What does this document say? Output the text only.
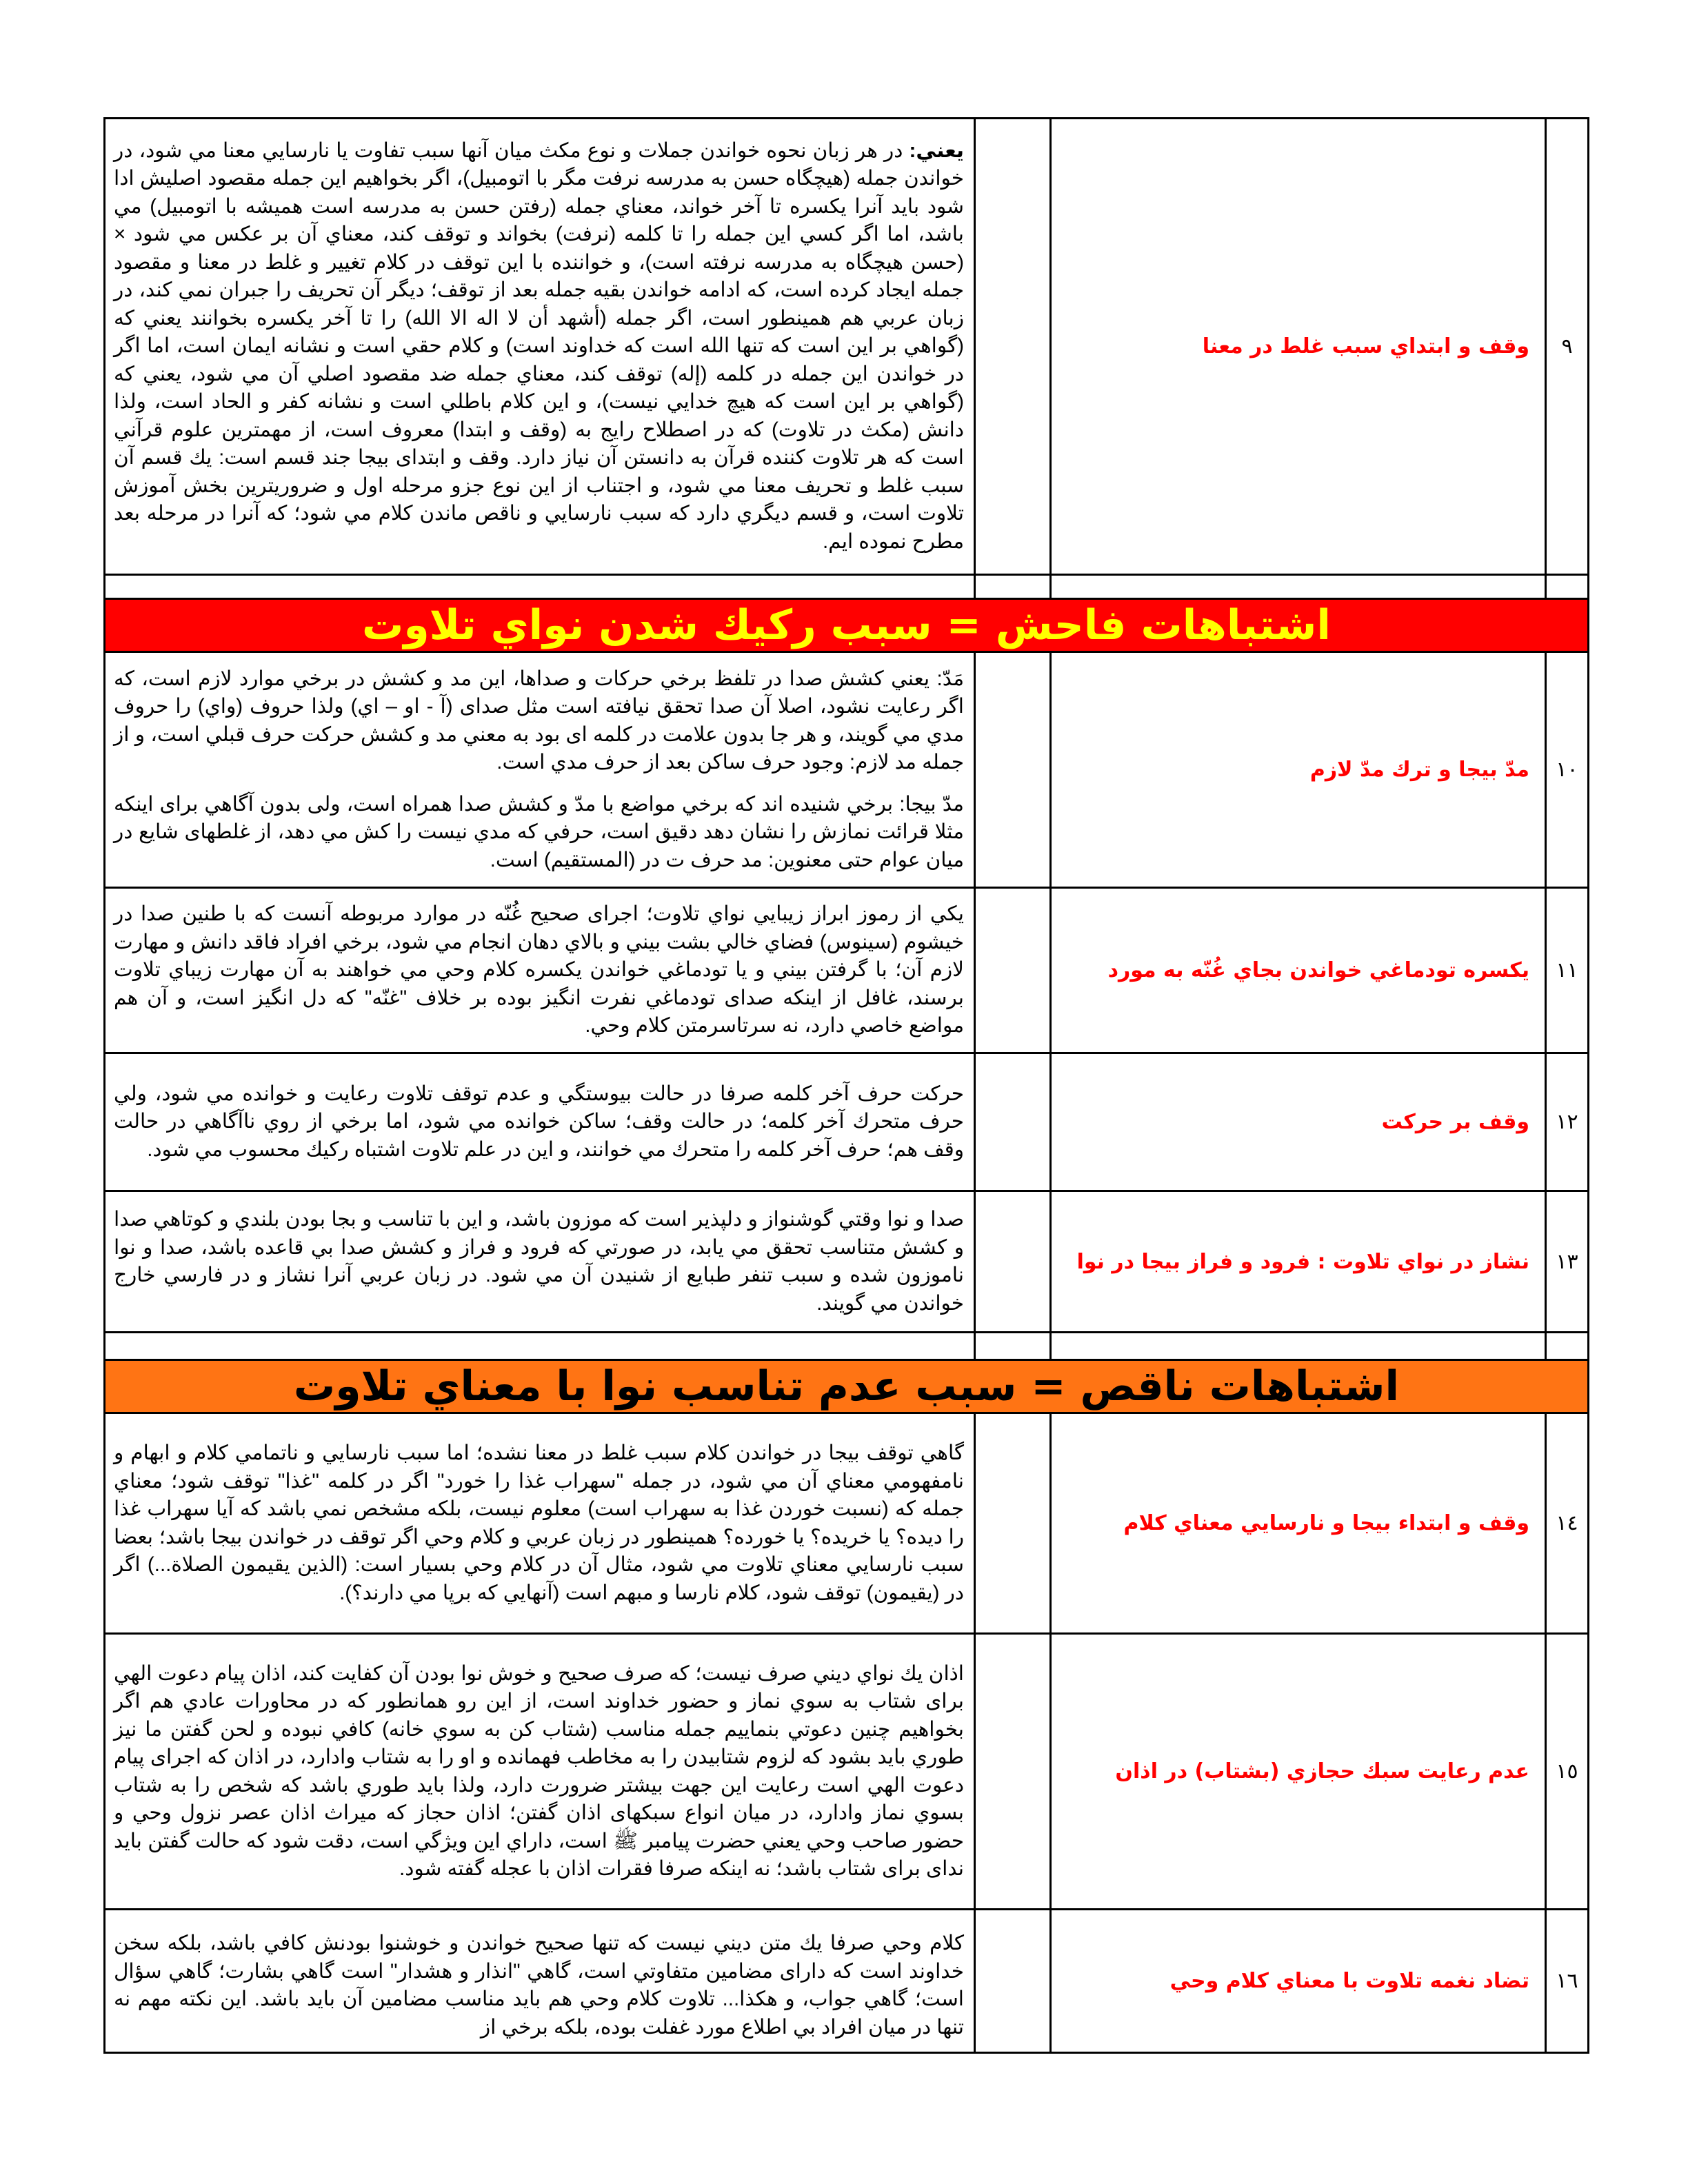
٩	وقف و ابتداي سبب غلط در معنا		يعني: در هر زبان نحوه خواندن جملات و نوع مكث ميان آنها سبب تفاوت يا نارسايي معنا مي شود، در خواندن جمله (هيچگاه حسن به مدرسه نرفت مگر با اتومبيل)، اگر بخواهيم اين جمله مقصود اصليش ادا شود بايد آنرا يكسره تا آخر خواند، معناي جمله (رفتن حسن به مدرسه است هميشه با اتومبيل) مي باشد، اما اگر كسي اين جمله را تا كلمه (نرفت) بخواند و توقف كند، معناي آن بر عكس مي شود × (حسن هيچگاه به مدرسه نرفته است)، و خواننده با اين توقف در كلام تغيير و غلط در معنا و مقصود جمله ايجاد كرده است، كه ادامه خواندن بقيه جمله بعد از توقف؛ ديگر آن تحريف را جبران نمي كند، در زبان عربي هم همينطور است، اگر جمله (أشهد أن لا اله الا الله) را تا آخر يكسره بخوانند يعني كه (گواهي بر اين است كه تنها الله است كه خداوند است) و كلام حقي است و نشانه ايمان است، اما اگر در خواندن اين جمله در كلمه (إله) توقف كند، معناي جمله ضد مقصود اصلي آن مي شود، يعني كه (گواهي بر اين است كه هيچ خدايي نيست)، و اين كلام باطلي است و نشانه كفر و الحاد است، ولذا دانش (مكث در تلاوت) كه در اصطلاح رايج به (وقف و ابتدا) معروف است، از مهمترين علوم قرآني است كه هر تلاوت كننده قرآن به دانستن آن نياز دارد. وقف و ابتداى بيجا جند قسم است: يك قسم آن سبب غلط و تحريف معنا مي شود، و اجتناب از اين نوع جزو مرحله اول و ضروريترين بخش آموزش تلاوت است، و قسم ديگري دارد كه سبب نارسايي و ناقص ماندن كلام مي شود؛ كه آنرا در مرحله بعد مطرح نموده ايم.

اشتباهات فاحش = سبب ركيك شدن نواي تلاوت			
١٠	مدّ بيجا و ترك مدّ لازم		مَدّ: يعني كشش صدا در تلفظ برخي حركات و صداها، اين مد و كشش در برخي موارد لازم است، كه اگر رعايت نشود، اصلا آن صدا تحقق نيافته است مثل صداى (آ - او – اي) ولذا حروف (واي) را حروف مدي مي گويند، و هر جا بدون علامت در كلمه اى بود به معني مد و كشش حركت حرف قبلي است، و از جمله مد لازم: وجود حرف ساكن بعد از حرف مدي است.

مدّ بيجا: برخي شنيده اند كه برخي مواضع با مدّ و كشش صدا همراه است، ولى بدون آگاهي براى اينكه مثلا قرائت نمازش را نشان دهد دقيق است، حرفي كه مدي نيست را كش مي دهد، از غلطهاى شايع در ميان عوام حتى معنوين: مد حرف ت در (المستقيم) است.

١١	يكسره تودماغي خواندن بجاي غُنّه به مورد		يكي از رموز ابراز زيبايي نواي تلاوت؛ اجراى صحيح غُنّه در موارد مربوطه آنست كه با طنين صدا در خيشوم (سينوس) فضاي خالي بشت بيني و بالاي دهان انجام مي شود، برخي افراد فاقد دانش و مهارت لازم آن؛ با گرفتن بيني و يا تودماغي خواندن يكسره كلام وحي مي خواهند به آن مهارت زيباي تلاوت برسند، غافل از اينكه صداى تودماغي نفرت انگيز بوده بر خلاف "غنّه" كه دل انگيز است، و آن هم مواضع خاصي دارد، نه سرتاسرمتن كلام وحي.

١٢	وقف بر حركت		حركت حرف آخر كلمه صرفا در حالت بيوستگي و عدم توقف تلاوت رعايت و خوانده مي شود، ولي حرف متحرك آخر كلمه؛ در حالت وقف؛ ساكن خوانده مي شود، اما برخي از روي ناآگاهي در حالت وقف هم؛ حرف آخر كلمه را متحرك مي خوانند، و اين در علم تلاوت اشتباه ركيك محسوب مي شود.

١٣	نشاز در نواي تلاوت : فرود و فراز بيجا در نوا		صدا و نوا وقتي گوشنواز و دلپذير است كه موزون باشد، و اين با تناسب و بجا بودن بلندي و كوتاهي صدا و كشش متناسب تحقق مي يابد، در صورتي كه فرود و فراز و كشش صدا بي قاعده باشد، صدا و نوا ناموزون شده و سبب تنفر طبايع از شنيدن آن مي شود. در زبان عربي آنرا نشاز و در فارسي خارج خواندن مي گويند.

اشتباهات ناقص = سبب عدم تناسب نوا با معناي تلاوت			
١٤	وقف و ابتداء بيجا و نارسايي معناي كلام		گاهي توقف بيجا در خواندن كلام سبب غلط در معنا نشده؛ اما سبب نارسايي و ناتمامي كلام و ابهام و نامفهومي معناي آن مي شود، در جمله "سهراب غذا را خورد" اگر در كلمه "غذا" توقف شود؛ معناي جمله كه (نسبت خوردن غذا به سهراب است) معلوم نيست، بلكه مشخص نمي باشد كه آيا سهراب غذا را ديده؟ يا خريده؟ يا خورده؟ همينطور در زبان عربي و كلام وحي اگر توقف در خواندن بيجا باشد؛ بعضا سبب نارسايي معناي تلاوت مي شود، مثال آن در كلام وحي بسيار است: (الذين يقيمون الصلاة...) اگر در (يقيمون) توقف شود، كلام نارسا و مبهم است (آنهايي كه برپا مي دارند؟).

١٥	عدم رعايت سبك حجازي (بشتاب) در اذان		اذان يك نواي ديني صرف نيست؛ كه صرف صحيح و خوش نوا بودن آن كفايت كند، اذان پيام دعوت الهي براى شتاب به سوي نماز و حضور خداوند است، از اين رو همانطور كه در محاورات عادي هم اگر بخواهيم چنين دعوتي بنماييم جمله مناسب (شتاب كن به سوي خانه) كافي نبوده و لحن گفتن ما نيز طوري بايد بشود كه لزوم شتابيدن را به مخاطب فهمانده و او را به شتاب وادارد، در اذان كه اجراى پيام دعوت الهي است رعايت اين جهت بيشتر ضرورت دارد، ولذا بايد طوري باشد كه شخص را به شتاب بسوي نماز وادارد، در ميان انواع سبكهاى اذان گفتن؛ اذان حجاز كه ميراث اذان عصر نزول وحي و حضور صاحب وحي يعني حضرت پيامبر ﷺ است، داراي اين ويژگي است، دقت شود كه حالت گفتن بايد نداى براى شتاب باشد؛ نه اينكه صرفا فقرات اذان با عجله گفته شود.

١٦	تضاد نغمه تلاوت با معناي كلام وحي		كلام وحي صرفا يك متن ديني نيست كه تنها صحيح خواندن و خوشنوا بودنش كافي باشد، بلكه سخن خداوند است كه داراى مضامين متفاوتي است، گاهي "انذار و هشدار" است گاهي بشارت؛ گاهي سؤال است؛ گاهي جواب، و هكذا... تلاوت كلام وحي هم بايد مناسب مضامين آن بايد باشد. اين نكته مهم نه تنها در ميان افراد بي اطلاع مورد غفلت بوده، بلكه برخي از
